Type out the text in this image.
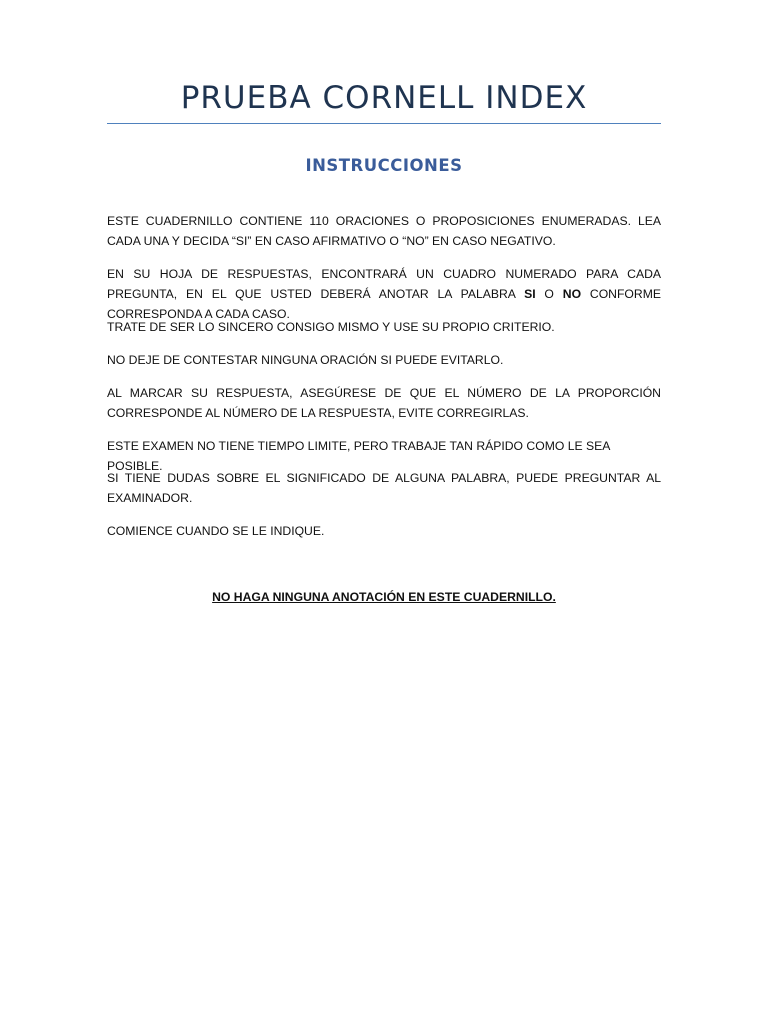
PRUEBA CORNELL INDEX
INSTRUCCIONES

ESTE CUADERNILLO CONTIENE 110 ORACIONES O PROPOSICIONES ENUMERADAS. LEA CADA UNA Y DECIDA “SI” EN CASO AFIRMATIVO O “NO” EN CASO NEGATIVO.

EN SU HOJA DE RESPUESTAS, ENCONTRARÁ UN CUADRO NUMERADO PARA CADA PREGUNTA, EN EL QUE USTED DEBERÁ ANOTAR LA PALABRA SI O NO CONFORME CORRESPONDA A CADA CASO.

TRATE DE SER LO SINCERO CONSIGO MISMO Y USE SU PROPIO CRITERIO.

NO DEJE DE CONTESTAR NINGUNA ORACIÓN SI PUEDE EVITARLO.

AL MARCAR SU RESPUESTA, ASEGÚRESE DE QUE EL NÚMERO DE LA PROPORCIÓN CORRESPONDE AL NÚMERO DE LA RESPUESTA, EVITE CORREGIRLAS.

ESTE EXAMEN NO TIENE TIEMPO LIMITE, PERO TRABAJE TAN RÁPIDO COMO LE SEA POSIBLE.

SI TIENE DUDAS SOBRE EL SIGNIFICADO DE ALGUNA PALABRA, PUEDE PREGUNTAR AL EXAMINADOR.

COMIENCE CUANDO SE LE INDIQUE.

NO HAGA NINGUNA ANOTACIÓN EN ESTE CUADERNILLO.
